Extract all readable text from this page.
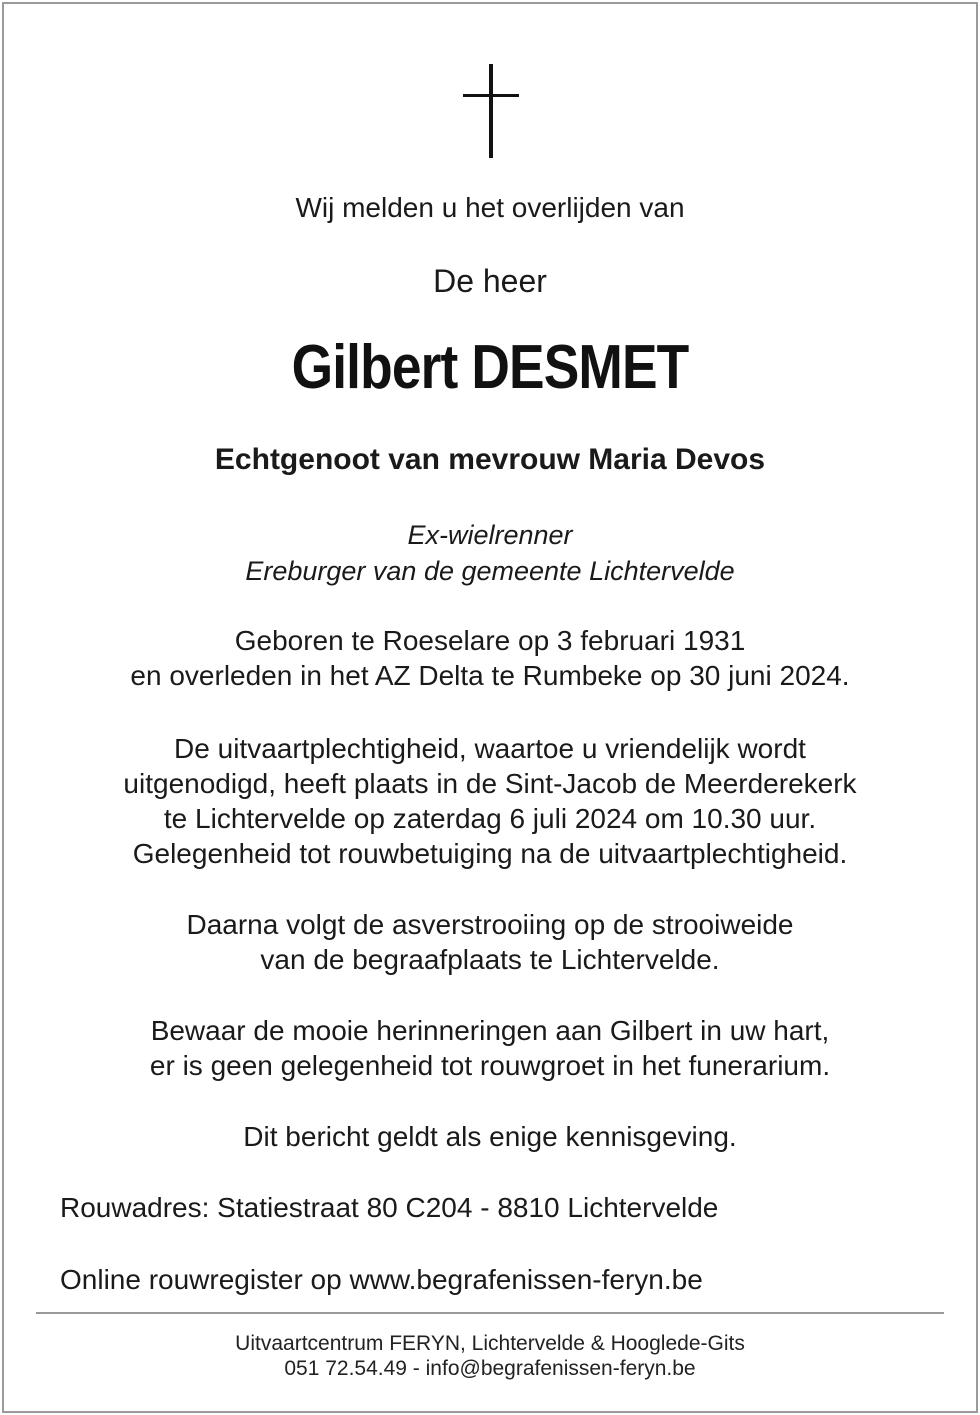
Wij melden u het overlijden van
De heer
Gilbert DESMET
Echtgenoot van mevrouw Maria Devos
Ex-wielrenner
Ereburger van de gemeente Lichtervelde
Geboren te Roeselare op 3 februari 1931
en overleden in het AZ Delta te Rumbeke op 30 juni 2024.
De uitvaartplechtigheid, waartoe u vriendelijk wordt
uitgenodigd, heeft plaats in de Sint-Jacob de Meerderekerk
te Lichtervelde op zaterdag 6 juli 2024 om 10.30 uur.
Gelegenheid tot rouwbetuiging na de uitvaartplechtigheid.
Daarna volgt de asverstrooiing op de strooiweide
van de begraafplaats te Lichtervelde.
Bewaar de mooie herinneringen aan Gilbert in uw hart,
er is geen gelegenheid tot rouwgroet in het funerarium.
Dit bericht geldt als enige kennisgeving.
Rouwadres: Statiestraat 80 C204 - 8810 Lichtervelde
Online rouwregister op www.begrafenissen-feryn.be
Uitvaartcentrum FERYN, Lichtervelde & Hooglede-Gits
051 72.54.49 - info@begrafenissen-feryn.be
